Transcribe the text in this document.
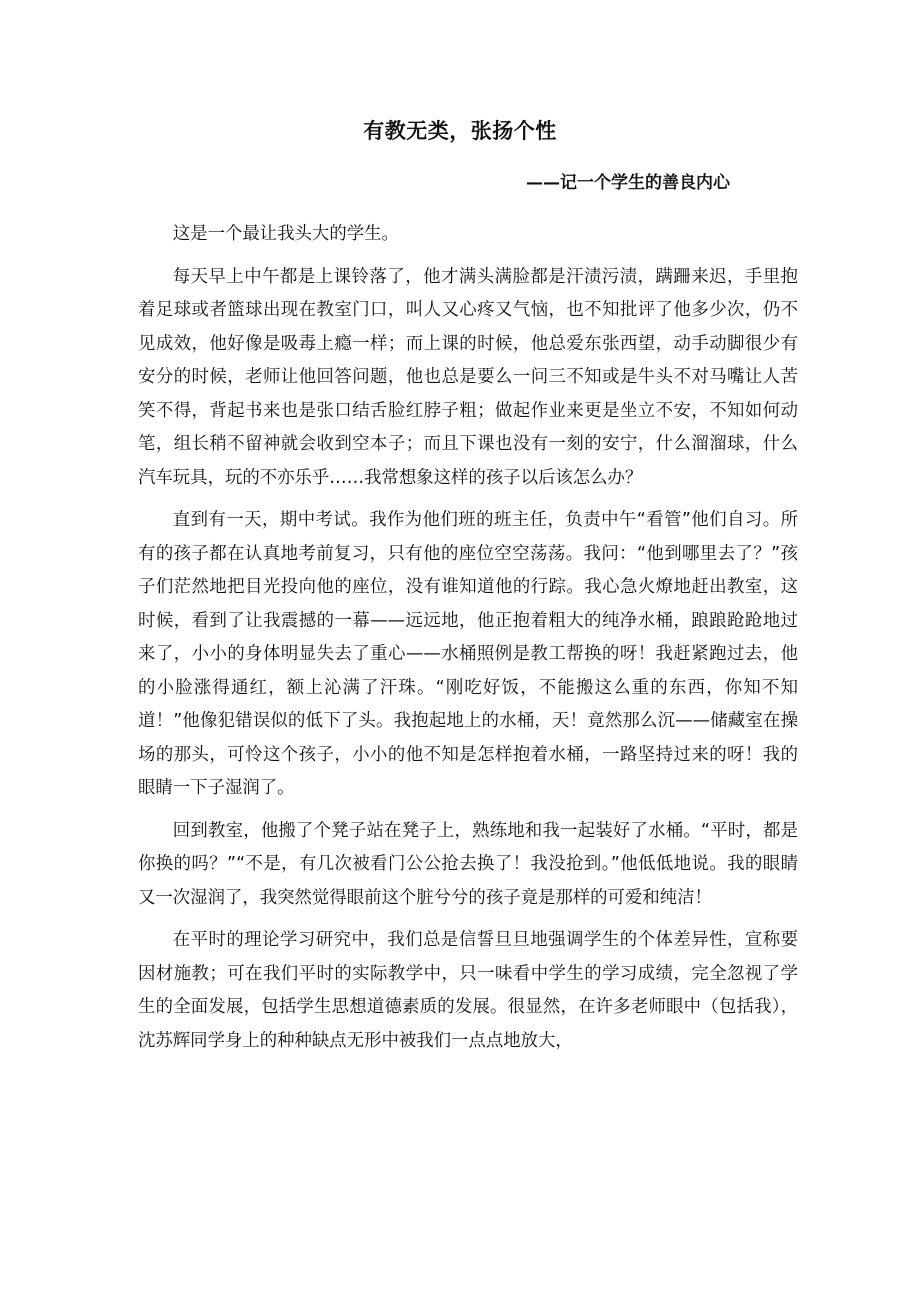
有教无类，张扬个性
——记一个学生的善良内心

这是一个最让我头大的学生。

每天早上中午都是上课铃落了，他才满头满脸都是汗渍污渍，蹒跚来迟，手里抱着足球或者篮球出现在教室门口，叫人又心疼又气恼，也不知批评了他多少次，仍不见成效，他好像是吸毒上瘾一样；而上课的时候，他总爱东张西望，动手动脚很少有安分的时候，老师让他回答问题，他也总是要么一问三不知或是牛头不对马嘴让人苦笑不得，背起书来也是张口结舌脸红脖子粗；做起作业来更是坐立不安，不知如何动笔，组长稍不留神就会收到空本子；而且下课也没有一刻的安宁，什么溜溜球，什么汽车玩具，玩的不亦乐乎……我常想象这样的孩子以后该怎么办？

直到有一天，期中考试。我作为他们班的班主任，负责中午“看管”他们自习。所有的孩子都在认真地考前复习，只有他的座位空空荡荡。我问：“他到哪里去了？”孩子们茫然地把目光投向他的座位，没有谁知道他的行踪。我心急火燎地赶出教室，这时候，看到了让我震撼的一幕——远远地，他正抱着粗大的纯净水桶，踉踉跄跄地过来了，小小的身体明显失去了重心——水桶照例是教工帮换的呀！我赶紧跑过去，他的小脸涨得通红，额上沁满了汗珠。“刚吃好饭，不能搬这么重的东西，你知不知道！”他像犯错误似的低下了头。我抱起地上的水桶，天！竟然那么沉——储藏室在操场的那头，可怜这个孩子，小小的他不知是怎样抱着水桶，一路坚持过来的呀！我的眼睛一下子湿润了。

回到教室，他搬了个凳子站在凳子上，熟练地和我一起装好了水桶。“平时，都是你换的吗？”“不是，有几次被看门公公抢去换了！我没抢到。”他低低地说。我的眼睛又一次湿润了，我突然觉得眼前这个脏兮兮的孩子竟是那样的可爱和纯洁！

在平时的理论学习研究中，我们总是信誓旦旦地强调学生的个体差异性，宣称要因材施教；可在我们平时的实际教学中，只一味看中学生的学习成绩，完全忽视了学生的全面发展，包括学生思想道德素质的发展。很显然，在许多老师眼中（包括我），沈苏辉同学身上的种种缺点无形中被我们一点点地放大，
